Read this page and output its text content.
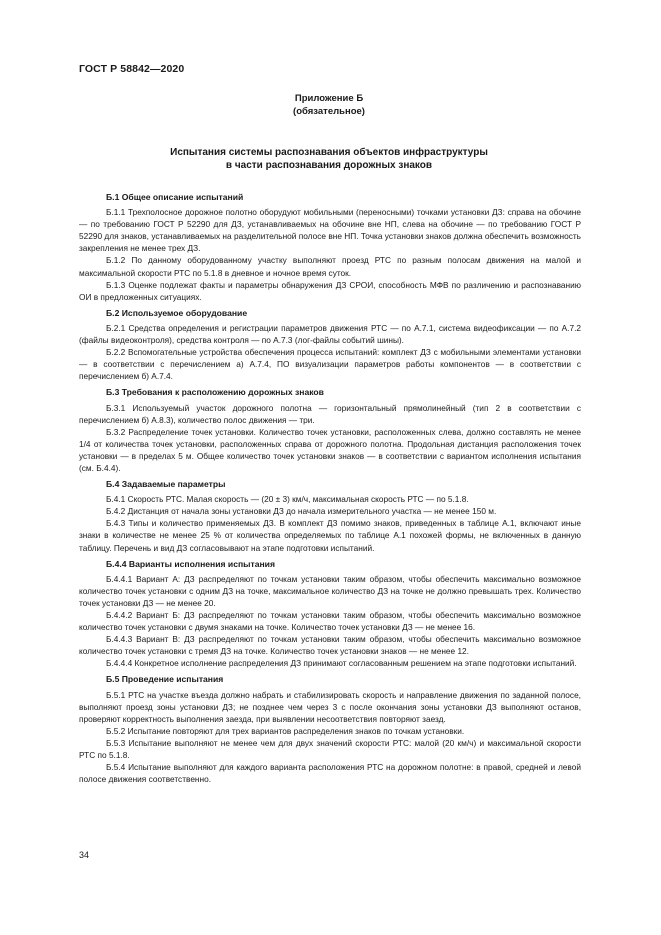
ГОСТ Р 58842—2020
Приложение Б
(обязательное)
Испытания системы распознавания объектов инфраструктуры
в части распознавания дорожных знаков
Б.1 Общее описание испытаний

Б.1.1 Трехполосное дорожное полотно оборудуют мобильными (переносными) точками установки ДЗ: справа на обочине — по требованию ГОСТ Р 52290 для ДЗ, устанавливаемых на обочине вне НП, слева на обочине — по требованию ГОСТ Р 52290 для знаков, устанавливаемых на разделительной полосе вне НП. Точка установки знаков должна обеспечить возможность закрепления не менее трех ДЗ.

Б.1.2 По данному оборудованному участку выполняют проезд РТС по разным полосам движения на малой и максимальной скорости РТС по 5.1.8 в дневное и ночное время суток.

Б.1.3 Оценке подлежат факты и параметры обнаружения ДЗ СРОИ, способность МФВ по различению и распознаванию ОИ в предложенных ситуациях.

Б.2 Используемое оборудование

Б.2.1 Средства определения и регистрации параметров движения РТС — по А.7.1, система видеофиксации — по А.7.2 (файлы видеоконтроля), средства контроля — по А.7.3 (лог-файлы событий шины).

Б.2.2 Вспомогательные устройства обеспечения процесса испытаний: комплект ДЗ с мобильными элементами установки — в соответствии с перечислением а) А.7.4, ПО визуализации параметров работы компонентов — в соответствии с перечислением б) А.7.4.

Б.3 Требования к расположению дорожных знаков

Б.3.1 Используемый участок дорожного полотна — горизонтальный прямолинейный (тип 2 в соответствии с перечислением б) А.8.3), количество полос движения — три.

Б.3.2 Распределение точек установки. Количество точек установки, расположенных слева, должно составлять не менее 1/4 от количества точек установки, расположенных справа от дорожного полотна. Продольная дистанция расположения точек установки — в пределах 5 м. Общее количество точек установки знаков — в соответствии с вариантом исполнения испытания (см. Б.4.4).

Б.4 Задаваемые параметры

Б.4.1 Скорость РТС. Малая скорость — (20 ± 3) км/ч, максимальная скорость РТС — по 5.1.8.

Б.4.2 Дистанция от начала зоны установки ДЗ до начала измерительного участка — не менее 150 м.

Б.4.3 Типы и количество применяемых ДЗ. В комплект ДЗ помимо знаков, приведенных в таблице А.1, включают иные знаки в количестве не менее 25 % от количества определяемых по таблице А.1 похожей формы, не включенных в данную таблицу. Перечень и вид ДЗ согласовывают на этапе подготовки испытаний.

Б.4.4 Варианты исполнения испытания

Б.4.4.1 Вариант А: ДЗ распределяют по точкам установки таким образом, чтобы обеспечить максимально возможное количество точек установки с одним ДЗ на точке, максимальное количество ДЗ на точке не должно превышать трех. Количество точек установки ДЗ — не менее 20.

Б.4.4.2 Вариант Б: ДЗ распределяют по точкам установки таким образом, чтобы обеспечить максимально возможное количество точек установки с двумя знаками на точке. Количество точек установки ДЗ — не менее 16.

Б.4.4.3 Вариант В: ДЗ распределяют по точкам установки таким образом, чтобы обеспечить максимально возможное количество точек установки с тремя ДЗ на точке. Количество точек установки знаков — не менее 12.

Б.4.4.4 Конкретное исполнение распределения ДЗ принимают согласованным решением на этапе подготовки испытаний.

Б.5 Проведение испытания

Б.5.1 РТС на участке въезда должно набрать и стабилизировать скорость и направление движения по заданной полосе, выполняют проезд зоны установки ДЗ; не позднее чем через 3 с после окончания зоны установки ДЗ выполняют останов, проверяют корректность выполнения заезда, при выявлении несоответствия повторяют заезд.

Б.5.2 Испытание повторяют для трех вариантов распределения знаков по точкам установки.

Б.5.3 Испытание выполняют не менее чем для двух значений скорости РТС: малой (20 км/ч) и максимальной скорости РТС по 5.1.8.

Б.5.4 Испытание выполняют для каждого варианта расположения РТС на дорожном полотне: в правой, средней и левой полосе движения соответственно.

34
